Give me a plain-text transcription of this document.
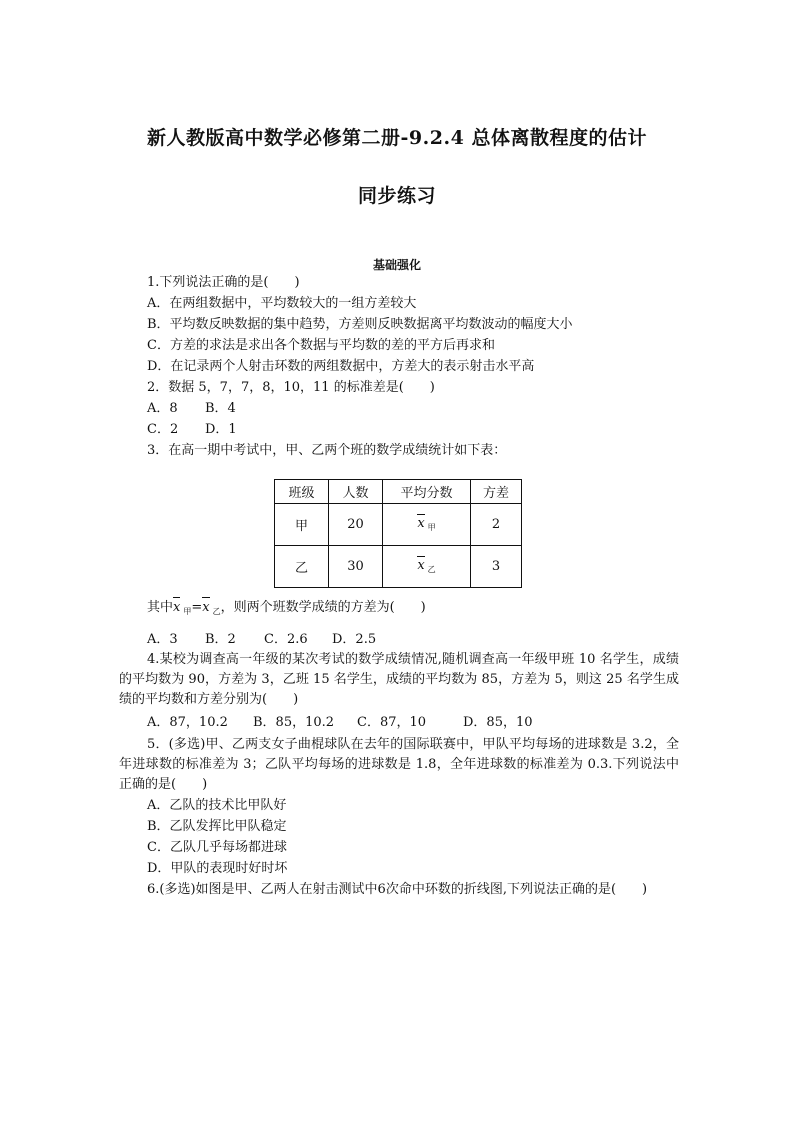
新人教版高中数学必修第二册-9.2.4 总体离散程度的估计
同步练习
基础强化
1.下列说法正确的是(　　)
A．在两组数据中，平均数较大的一组方差较大
B．平均数反映数据的集中趋势，方差则反映数据离平均数波动的幅度大小
C．方差的求法是求出各个数据与平均数的差的平方后再求和
D．在记录两个人射击环数的两组数据中，方差大的表示射击水平高
2．数据 5，7，7，8，10，11 的标准差是(　　)
A．8 B．4
C．2 D．1
3．在高一期中考试中，甲、乙两个班的数学成绩统计如下表：
班级	人数	平均分数	方差
甲	20	x $_甲$	2
乙	30	x $_乙$	3
其中x $_甲$=x $_乙$，则两个班数学成绩的方差为(　　)
A．3 B．2 C．2.6 D．2.5
4.某校为调查高一年级的某次考试的数学成绩情况,随机调查高一年级甲班 10 名学生，成绩的平均数为 90，方差为 3，乙班 15 名学生，成绩的平均数为 85，方差为 5，则这 25 名学生成绩的平均数和方差分别为(　　)
A．87，10.2 B．85，10.2 C．87，10	D．85，10
5．(多选)甲、乙两支女子曲棍球队在去年的国际联赛中，甲队平均每场的进球数是 3.2，全年进球数的标准差为 3；乙队平均每场的进球数是 1.8，全年进球数的标准差为 0.3.下列说法中正确的是(　　)
A．乙队的技术比甲队好
B．乙队发挥比甲队稳定
C．乙队几乎每场都进球
D．甲队的表现时好时坏
6.(多选)如图是甲、乙两人在射击测试中6次命中环数的折线图,下列说法正确的是(　　)
